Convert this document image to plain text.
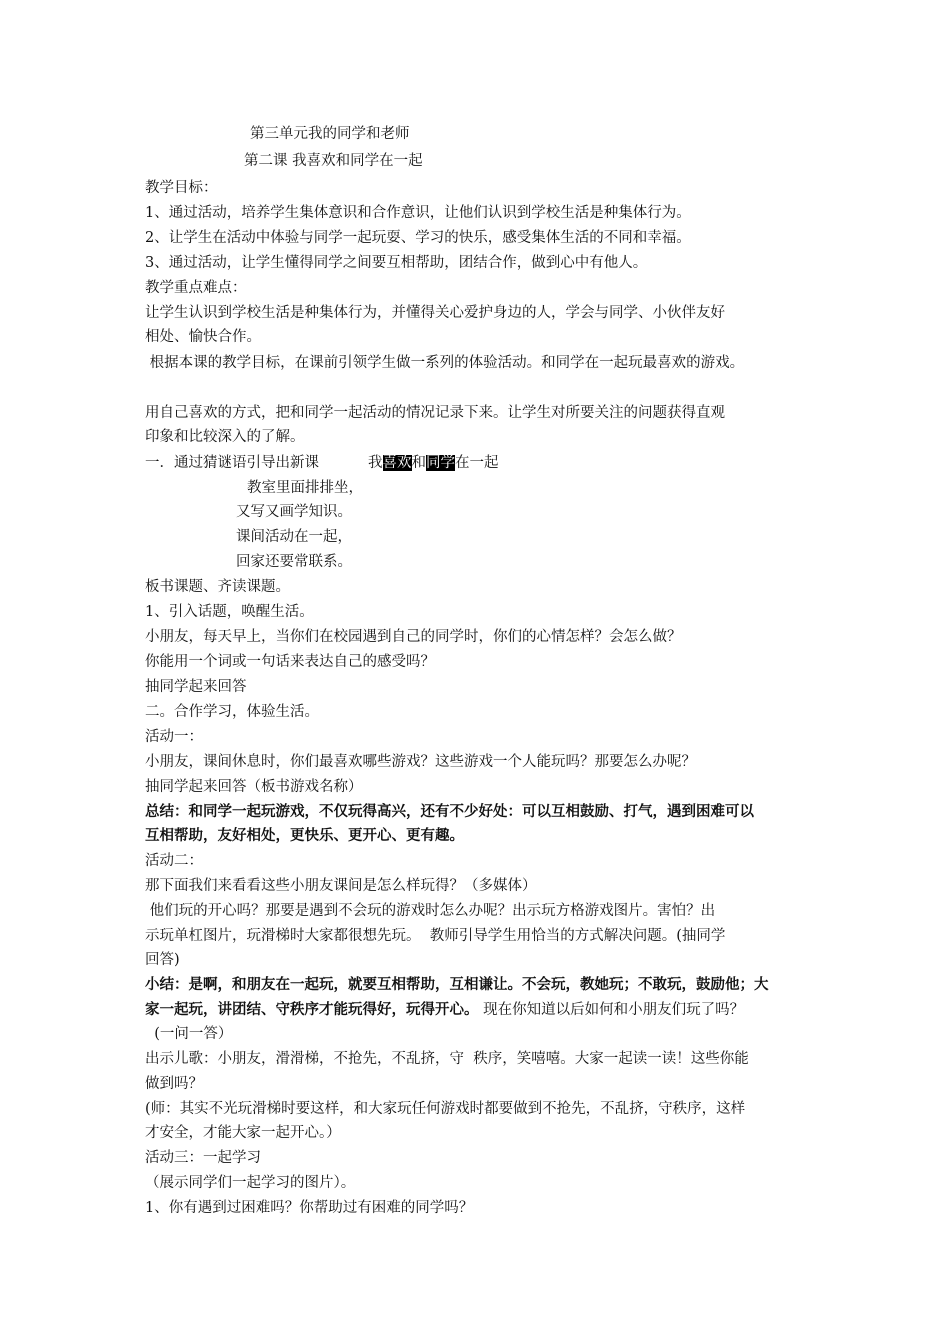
第三单元我的同学和老师
第二课 我喜欢和同学在一起
教学目标：
1、通过活动，培养学生集体意识和合作意识，让他们认识到学校生活是种集体行为。
2、让学生在活动中体验与同学一起玩耍、学习的快乐，感受集体生活的不同和幸福。
3、通过活动，让学生懂得同学之间要互相帮助，团结合作，做到心中有他人。
教学重点难点：
让学生认识到学校生活是种集体行为，并懂得关心爱护身边的人，学会与同学、小伙伴友好
相处、愉快合作。
根据本课的教学目标，在课前引领学生做一系列的体验活动。和同学在一起玩最喜欢的游戏。
用自己喜欢的方式，把和同学一起活动的情况记录下来。让学生对所要关注的问题获得直观
印象和比较深入的了解。
一．通过猜谜语引导出新课	我喜欢和同学在一起
教室里面排排坐，
又写又画学知识。
课间活动在一起，
回家还要常联系。
板书课题、齐读课题。
1、引入话题，唤醒生活。
小朋友，每天早上，当你们在校园遇到自己的同学时，你们的心情怎样？会怎么做？
你能用一个词或一句话来表达自己的感受吗？
抽同学起来回答
二。合作学习，体验生活。
活动一：
小朋友，课间休息时，你们最喜欢哪些游戏？这些游戏一个人能玩吗？那要怎么办呢？
抽同学起来回答（板书游戏名称）
总结：和同学一起玩游戏，不仅玩得高兴，还有不少好处：可以互相鼓励、打气，遇到困难可以
互相帮助，友好相处，更快乐、更开心、更有趣。
活动二：
那下面我们来看看这些小朋友课间是怎么样玩得？（多媒体）
他们玩的开心吗？那要是遇到不会玩的游戏时怎么办呢？出示玩方格游戏图片。害怕？出
示玩单杠图片，玩滑梯时大家都很想先玩。  教师引导学生用恰当的方式解决问题。(抽同学
回答)
小结：是啊，和朋友在一起玩，就要互相帮助，互相谦让。不会玩，教她玩；不敢玩，鼓励他；大
家一起玩，讲团结、守秩序才能玩得好，玩得开心。 现在你知道以后如何和小朋友们玩了吗？
(一问一答）
出示儿歌：小朋友，滑滑梯，不抢先，不乱挤，守  秩序，笑嘻嘻。大家一起读一读！这些你能
做到吗？
(师：其实不光玩滑梯时要这样，和大家玩任何游戏时都要做到不抢先，不乱挤，守秩序，这样
才安全，才能大家一起开心。）
活动三：一起学习
（展示同学们一起学习的图片）。
1、你有遇到过困难吗？你帮助过有困难的同学吗？
